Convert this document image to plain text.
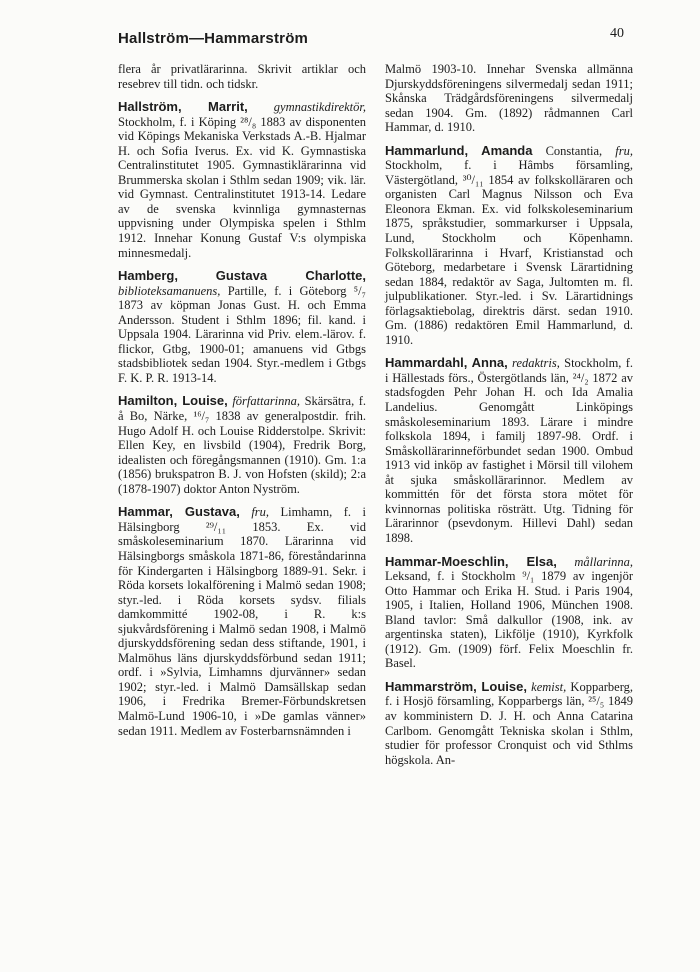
Hallström—Hammarström	40

flera år privatlärarinna. Skrivit artiklar och resebrev till tidn. och tidskr.

Hallström, Marrit, gymnastikdirektör, Stockholm, f. i Köping ²⁸/₈ 1883 av disponenten vid Köpings Mekaniska Verkstads A.-B. Hjalmar H. och Sofia Iverus. Ex. vid K. Gymnastiska Centralinstitutet 1905. Gymnastiklärarinna vid Brummerska skolan i Sthlm sedan 1909; vik. lär. vid Gymnast. Centralinstitutet 1913-14. Ledare av de svenska kvinnliga gymnasternas uppvisning under Olympiska spelen i Sthlm 1912. Innehar Konung Gustaf V:s olympiska minnesmedalj.

Hamberg,	Gustava Charlotte, biblioteksamanuens, Partille, f. i Göteborg ⁵/₇ 1873 av köpman Jonas Gust. H. och Emma Andersson. Student i Sthlm 1896; fil. kand. i Uppsala 1904. Lärarinna vid Priv. elem.-lärov. f. flickor, Gtbg, 1900-01; amanuens vid Gtbgs stadsbibliotek sedan 1904. Styr.-medlem i Gtbgs F. K. P. R. 1913-14.

Hamilton, Louise, författarinna, Skärsätra, f. å Bo, Närke, ¹⁶/₇ 1838 av generalpostdir. frih. Hugo Adolf H. och Louise Ridderstolpe. Skrivit: Ellen Key, en livsbild (1904), Fredrik Borg, idealisten och föregångsmannen (1910). Gm. 1:a (1856) brukspatron B. J. von Hofsten (skild); 2:a (1878-1907) doktor Anton Nyström.

Hammar, Gustava, fru, Limhamn, f. i Hälsingborg ²⁹/₁₁ 1853. Ex. vid småskoleseminarium 1870. Lärarinna vid Hälsingborgs småskola 1871-86, föreståndarinna för Kindergarten i Hälsingborg 1889-91. Sekr. i Röda korsets lokalförening i Malmö sedan 1908; styr.-led. i Röda korsets sydsv. filials damkommitté 1902-08, i R. k:s sjukvårdsförening i Malmö sedan 1908, i Malmö djurskyddsförening sedan dess stiftande, 1901, i Malmöhus läns djurskyddsförbund sedan 1911; ordf. i »Sylvia, Limhamns djurvänner» sedan 1902; styr.-led. i Malmö Damsällskap sedan 1906, i Fredrika Bremer-Förbundskretsen Malmö-Lund 1906-10, i »De gamlas vänner» sedan 1911. Medlem av Fosterbarnsnämnden i

Malmö 1903-10. Innehar Svenska allmänna Djurskyddsföreningens silvermedalj sedan 1911; Skånska Trädgårdsföreningens silvermedalj sedan 1904. Gm. (1892) rådmannen Carl Hammar, d. 1910.

Hammarlund, Amanda Constantia, fru, Stockholm, f. i Hâmbs församling, Västergötland, ³⁰/₁₁ 1854 av folkskolläraren och organisten Carl Magnus Nilsson och Eva Eleonora Ekman. Ex. vid folkskoleseminarium 1875, språkstudier, sommarkurser i Uppsala, Lund, Stockholm och Köpenhamn. Folkskollärarinna i Hvarf, Kristianstad och Göteborg, medarbetare i Svensk Lärartidning sedan 1884, redaktör av Saga, Jultomten m. fl. julpublikationer. Styr.-led. i Sv. Lärartidnings förlagsaktiebolag, direktris därst. sedan 1910. Gm. (1886) redaktören Emil Hammarlund, d. 1910.

Hammardahl, Anna, redaktris, Stockholm, f. i Hällestads förs., Östergötlands län, ²⁴/₂ 1872 av stadsfogden Pehr Johan H. och Ida Amalia Landelius. Genomgått Linköpings småskoleseminarium 1893. Lärare i mindre folkskola 1894, i familj 1897-98. Ordf. i Småskollärarinneförbundet sedan 1900. Ombud 1913 vid inköp av fastighet i Mörsil till vilohem åt sjuka småskollärarinnor. Medlem av kommittén för det första stora mötet för kvinnornas politiska rösträtt. Utg. Tidning för Lärarinnor (psevdonym. Hillevi Dahl) sedan 1898.

Hammar-Moeschlin, Elsa, mållarinna, Leksand, f. i Stockholm ⁹/₁ 1879 av ingenjör Otto Hammar och Erika H. Stud. i Paris 1904, 1905, i Italien, Holland 1906, München 1908. Bland tavlor: Små dalkullor (1908, ink. av argentinska staten), Likfölje (1910), Kyrkfolk (1912). Gm. (1909) förf. Felix Moeschlin fr. Basel.

Hammarström, Louise, kemist, Kopparberg, f. i Hosjö församling, Kopparbergs län, ²⁵/₅ 1849 av komministern D. J. H. och Anna Catarina Carlbom. Genomgått Tekniska skolan i Sthlm, studier för professor Cronquist och vid Sthlms högskola. An-
